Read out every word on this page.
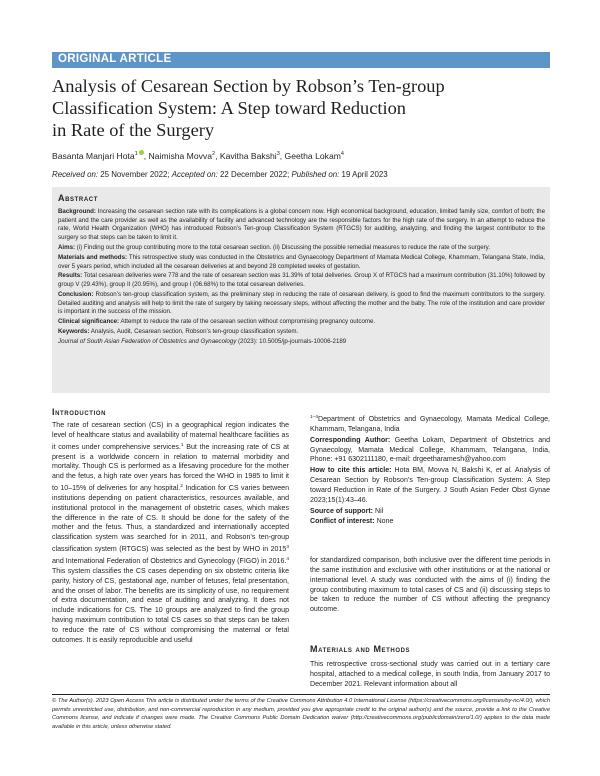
ORIGINAL ARTICLE
Analysis of Cesarean Section by Robson’s Ten-group
Classification System: A Step toward Reduction
in Rate of the Surgery
Basanta Manjari Hota$^1$ , Naimisha Movva$^2$, Kavitha Bakshi$^3$, Geetha Lokam$^4$
Received on: 25 November 2022; Accepted on: 22 December 2022; Published on: 19 April 2023
Abstract

Background: Increasing the cesarean section rate with its complications is a global concern now. High economical background, education, limited family size, comfort of both; the patient and the care provider as well as the availability of facility and advanced technology are the responsible factors for the high rate of the surgery. In an attempt to reduce the rate, World Health Organization (WHO) has introduced Robson’s Ten-group Classification System (RTGCS) for auditing, analyzing, and finding the largest contributor to the surgery so that steps can be taken to limit it.

Aims: (i) Finding out the group contributing more to the total cesarean section. (ii) Discussing the possible remedial measures to reduce the rate of the surgery.

Materials and methods: This retrospective study was conducted in the Obstetrics and Gynaecology Department of Mamata Medical College, Khammam, Telangana State, India, over 5 years period, which included all the cesarean deliveries at and beyond 28 completed weeks of gestation.

Results: Total cesarean deliveries were 778 and the rate of cesarean section was 31.39% of total deliveries. Group X of RTGCS had a maximum contribution (31.10%) followed by group V (29.43%), group II (20.95%), and group I (06.68%) to the total cesarean deliveries.

Conclusion: Robson’s ten-group classification system, as the preliminary step in reducing the rate of cesarean delivery, is good to find the maximum contributors to the surgery. Detailed auditing and analysis will help to limit the rate of surgery by taking necessary steps, without affecting the mother and the baby. The role of the institution and care provider is important in the success of the mission.

Clinical significance: Attempt to reduce the rate of the cesarean section without compromising pregnancy outcome.

Keywords: Analysis, Audit, Cesarean section, Robson’s ten-group classification system.

Journal of South Asian Federation of Obstetrics and Gynaecology (2023): 10.5005/jp-journals-10006-2189

Introduction

The rate of cesarean section (CS) in a geographical region indicates the level of healthcare status and availability of maternal healthcare facilities as it comes under comprehensive services.$^1$ But the increasing rate of CS at present is a worldwide concern in relation to maternal morbidity and mortality. Though CS is performed as a lifesaving procedure for the mother and the fetus, a high rate over years has forced the WHO in 1985 to limit it to 10–15% of deliveries for any hospital.$^2$ Indication for CS varies between institutions depending on patient characteristics, resources available, and institutional protocol in the management of obstetric cases, which makes the difference in the rate of CS. It should be done for the safety of the mother and the fetus. Thus, a standardized and internationally accepted classification system was searched for in 2011, and Robson’s ten-group classification system (RTGCS) was selected as the best by WHO in 2015$^3$ and International Federation of Obstetrics and Gynecology (FIGO) in 2016.$^4$ This system classifies the CS cases depending on six obstetric criteria like parity, history of CS, gestational age, number of fetuses, fetal presentation, and the onset of labor. The benefits are its simplicity of use, no requirement of extra documentation, and ease of auditing and analyzing. It does not include indications for CS. The 10 groups are analyzed to find the group having maximum contribution to total CS cases so that steps can be taken to reduce the rate of CS without compromising the maternal or fetal outcomes. It is easily reproducible and useful

$^{1-4}$Department of Obstetrics and Gynaecology, Mamata Medical College, Khammam, Telangana, India

Corresponding Author: Geetha Lokam, Department of Obstetrics and Gynaecology, Mamata Medical College, Khammam, Telangana, India, Phone: +91 6302111180, e-mail: drgeetharamesh@yahoo.com

How to cite this article: Hota BM, Movva N, Bakshi K, et al. Analysis of Cesarean Section by Robson’s Ten-group Classification System: A Step toward Reduction in Rate of the Surgery. J South Asian Feder Obst Gynae 2023;15(1):43–46.

Source of support: Nil

Conflict of interest: None

for standardized comparison, both inclusive over the different time periods in the same institution and exclusive with other institutions or at the national or international level. A study was conducted with the aims of (i) finding the group contributing maximum to total cases of CS and (ii) discussing steps to be taken to reduce the number of CS without affecting the pregnancy outcome.

Materials and Methods

This retrospective cross-sectional study was carried out in a tertiary care hospital, attached to a medical college, in south India, from January 2017 to December 2021. Relevant information about all

© The Author(s). 2023 Open Access This article is distributed under the terms of the Creative Commons Attribution 4.0 International License (https://creativecommons.org/licenses/by-nc/4.0/), which permits unrestricted use, distribution, and non-commercial reproduction in any medium, provided you give appropriate credit to the original author(s) and the source, provide a link to the Creative Commons license, and indicate if changes were made. The Creative Commons Public Domain Dedication waiver (http://creativecommons.org/publicdomain/zero/1.0/) applies to the data made available in this article, unless otherwise stated.
